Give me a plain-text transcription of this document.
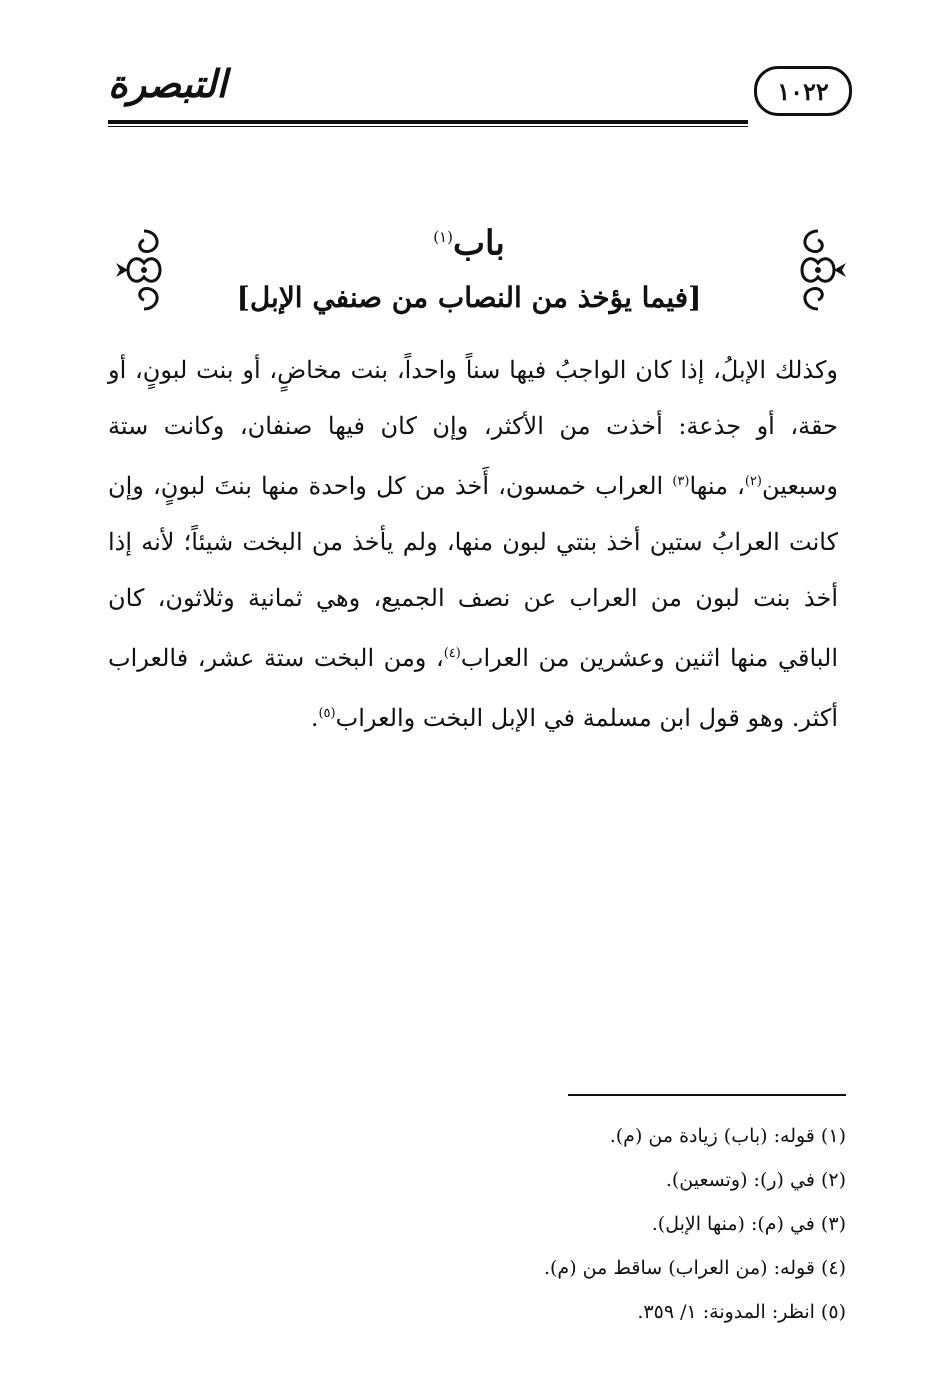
التبصرة	١٠٢٢
باب$^{(١)}$
[فيما يؤخذ من النصاب من صنفي الإبل]
وكذلك الإبلُ، إذا كان الواجبُ فيها سناً واحداً، بنت مخاضٍ، أو بنت لبونٍ، أو حقة، أو جذعة: أخذت من الأكثر، وإن كان فيها صنفان، وكانت ستة وسبعين$^{(٢)}$، منها$^{(٣)}$ العراب خمسون، أَخذ من كل واحدة منها بنتَ لبونٍ، وإن كانت العرابُ ستين أخذ بنتي لبون منها، ولم يأخذ من البخت شيئاً؛ لأنه إذا أخذ بنت لبون من العراب عن نصف الجميع، وهي ثمانية وثلاثون، كان الباقي منها اثنين وعشرين من العراب$^{(٤)}$، ومن البخت ستة عشر، فالعراب أكثر. وهو قول ابن مسلمة في الإبل البخت والعراب$^{(٥)}$.
(١) قوله: (باب) زيادة من (م).
(٢) في (ر): (وتسعين).
(٣) في (م): (منها الإبل).
(٤) قوله: (من العراب) ساقط من (م).
(٥) انظر: المدونة: ١/ ٣٥٩.
